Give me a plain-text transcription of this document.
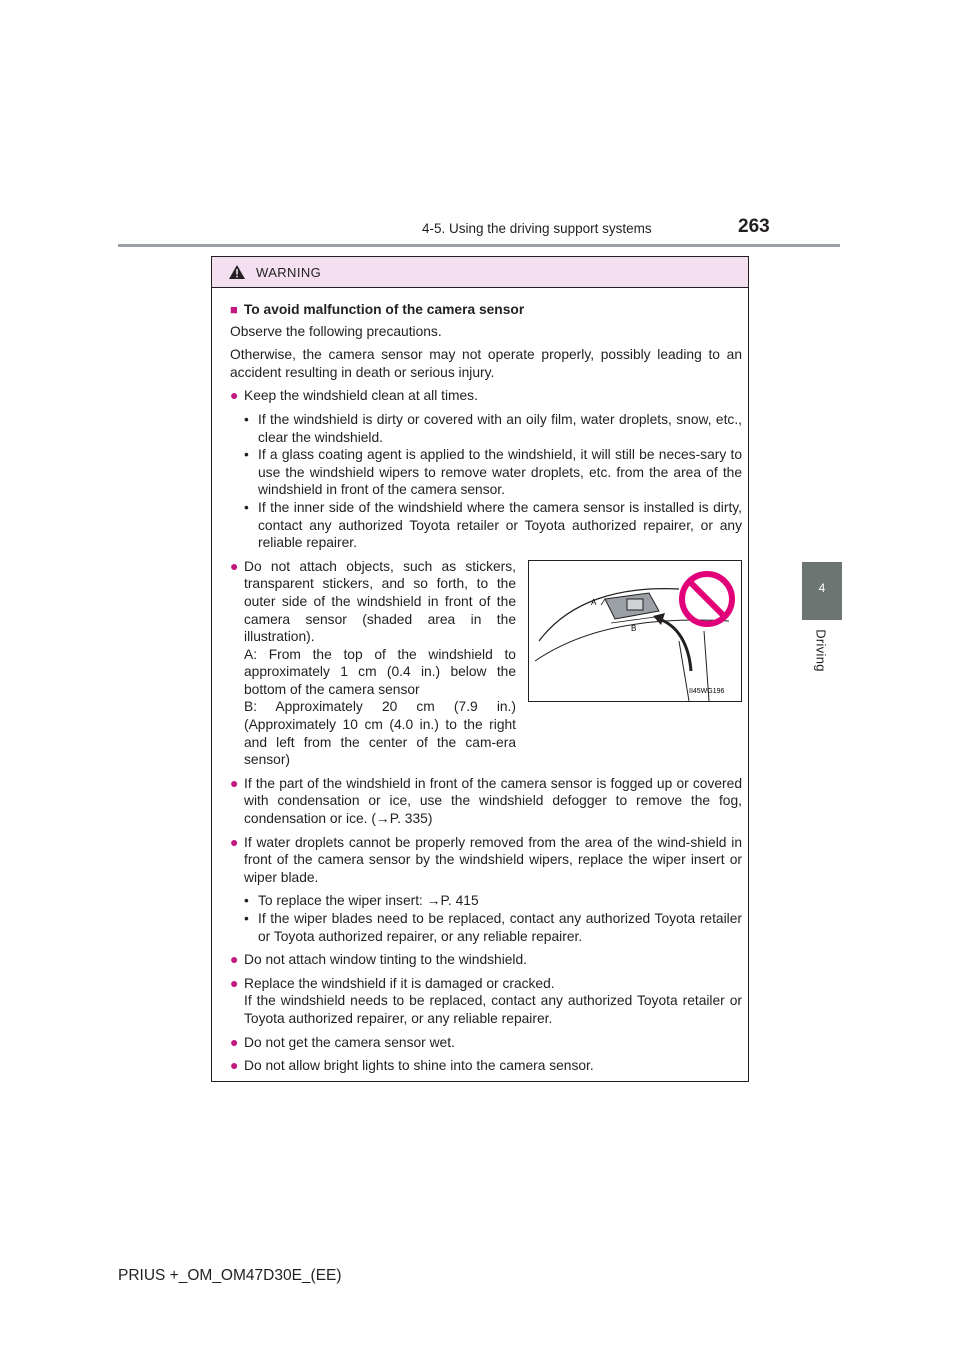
4-5. Using the driving support systems	263
4
Driving
WARNING
■ To avoid malfunction of the camera sensor

Observe the following precautions.

Otherwise, the camera sensor may not operate properly, possibly leading to an accident resulting in death or serious injury.

● Keep the windshield clean at all times.
• If the windshield is dirty or covered with an oily film, water droplets, snow, etc., clear the windshield.
• If a glass coating agent is applied to the windshield, it will still be neces-sary to use the windshield wipers to remove water droplets, etc. from the area of the windshield in front of the camera sensor.
• If the inner side of the windshield where the camera sensor is installed is dirty, contact any authorized Toyota retailer or Toyota authorized repairer, or any reliable repairer.
● Do not attach objects, such as stickers, transparent stickers, and so forth, to the outer side of the windshield in front of the camera sensor (shaded area in the illustration).
A: From the top of the windshield to approximately 1 cm (0.4 in.) below the bottom of the camera sensor
B: Approximately 20 cm (7.9 in.) (Approximately 10 cm (4.0 in.) to the right and left from the center of the cam-era sensor)
A
B
II45WG196
● If the part of the windshield in front of the camera sensor is fogged up or covered with condensation or ice, use the windshield defogger to remove the fog, condensation or ice. (→P. 335)
● If water droplets cannot be properly removed from the area of the wind-shield in front of the camera sensor by the windshield wipers, replace the wiper insert or wiper blade.
• To replace the wiper insert: →P. 415
• If the wiper blades need to be replaced, contact any authorized Toyota retailer or Toyota authorized repairer, or any reliable repairer.
● Do not attach window tinting to the windshield.
● Replace the windshield if it is damaged or cracked.
If the windshield needs to be replaced, contact any authorized Toyota retailer or Toyota authorized repairer, or any reliable repairer.
● Do not get the camera sensor wet.
● Do not allow bright lights to shine into the camera sensor.
PRIUS +_OM_OM47D30E_(EE)
